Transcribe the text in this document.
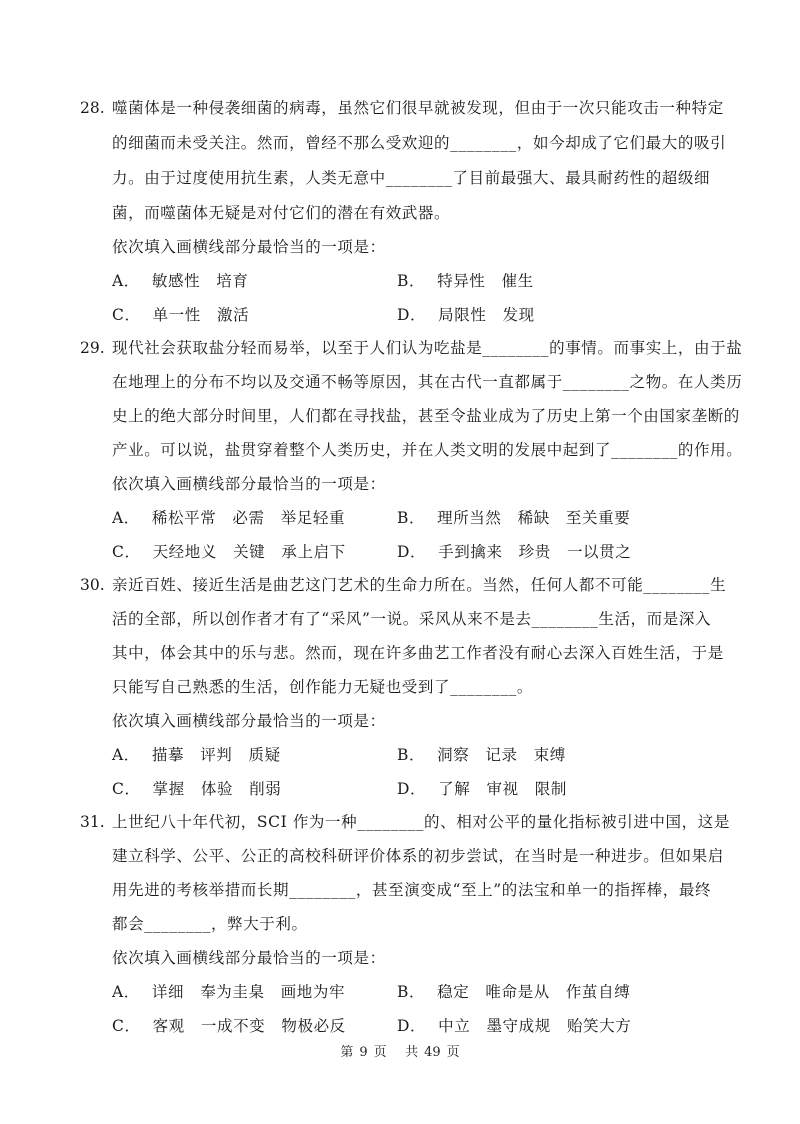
28. 噬菌体是一种侵袭细菌的病毒，虽然它们很早就被发现，但由于一次只能攻击一种特定
的细菌而未受关注。然而，曾经不那么受欢迎的________，如今却成了它们最大的吸引
力。由于过度使用抗生素，人类无意中________了目前最强大、最具耐药性的超级细
菌，而噬菌体无疑是对付它们的潜在有效武器。
依次填入画横线部分最恰当的一项是：
A． 敏感性　培育	B． 特异性　催生
C． 单一性　激活	D． 局限性　发现
29. 现代社会获取盐分轻而易举，以至于人们认为吃盐是________的事情。而事实上，由于盐
在地理上的分布不均以及交通不畅等原因，其在古代一直都属于________之物。在人类历
史上的绝大部分时间里，人们都在寻找盐，甚至令盐业成为了历史上第一个由国家垄断的
产业。可以说，盐贯穿着整个人类历史，并在人类文明的发展中起到了________的作用。
依次填入画横线部分最恰当的一项是：
A． 稀松平常　必需　举足轻重	B． 理所当然　稀缺　至关重要
C． 天经地义　关键　承上启下	D． 手到擒来　珍贵　一以贯之
30. 亲近百姓、接近生活是曲艺这门艺术的生命力所在。当然，任何人都不可能________生
活的全部，所以创作者才有了“采风”一说。采风从来不是去________生活，而是深入
其中，体会其中的乐与悲。然而，现在许多曲艺工作者没有耐心去深入百姓生活，于是
只能写自己熟悉的生活，创作能力无疑也受到了________。
依次填入画横线部分最恰当的一项是：
A． 描摹　评判　质疑	B． 洞察　记录　束缚
C． 掌握　体验　削弱	D． 了解　审视　限制
31. 上世纪八十年代初，SCI 作为一种________的、相对公平的量化指标被引进中国，这是
建立科学、公平、公正的高校科研评价体系的初步尝试，在当时是一种进步。但如果启
用先进的考核举措而长期________，甚至演变成“至上”的法宝和单一的指挥棒，最终
都会________，弊大于利。
依次填入画横线部分最恰当的一项是：
A． 详细　奉为圭臬　画地为牢	B． 稳定　唯命是从　作茧自缚
C． 客观　一成不变　物极必反	D． 中立　墨守成规　贻笑大方
第 9 页 共 49 页
